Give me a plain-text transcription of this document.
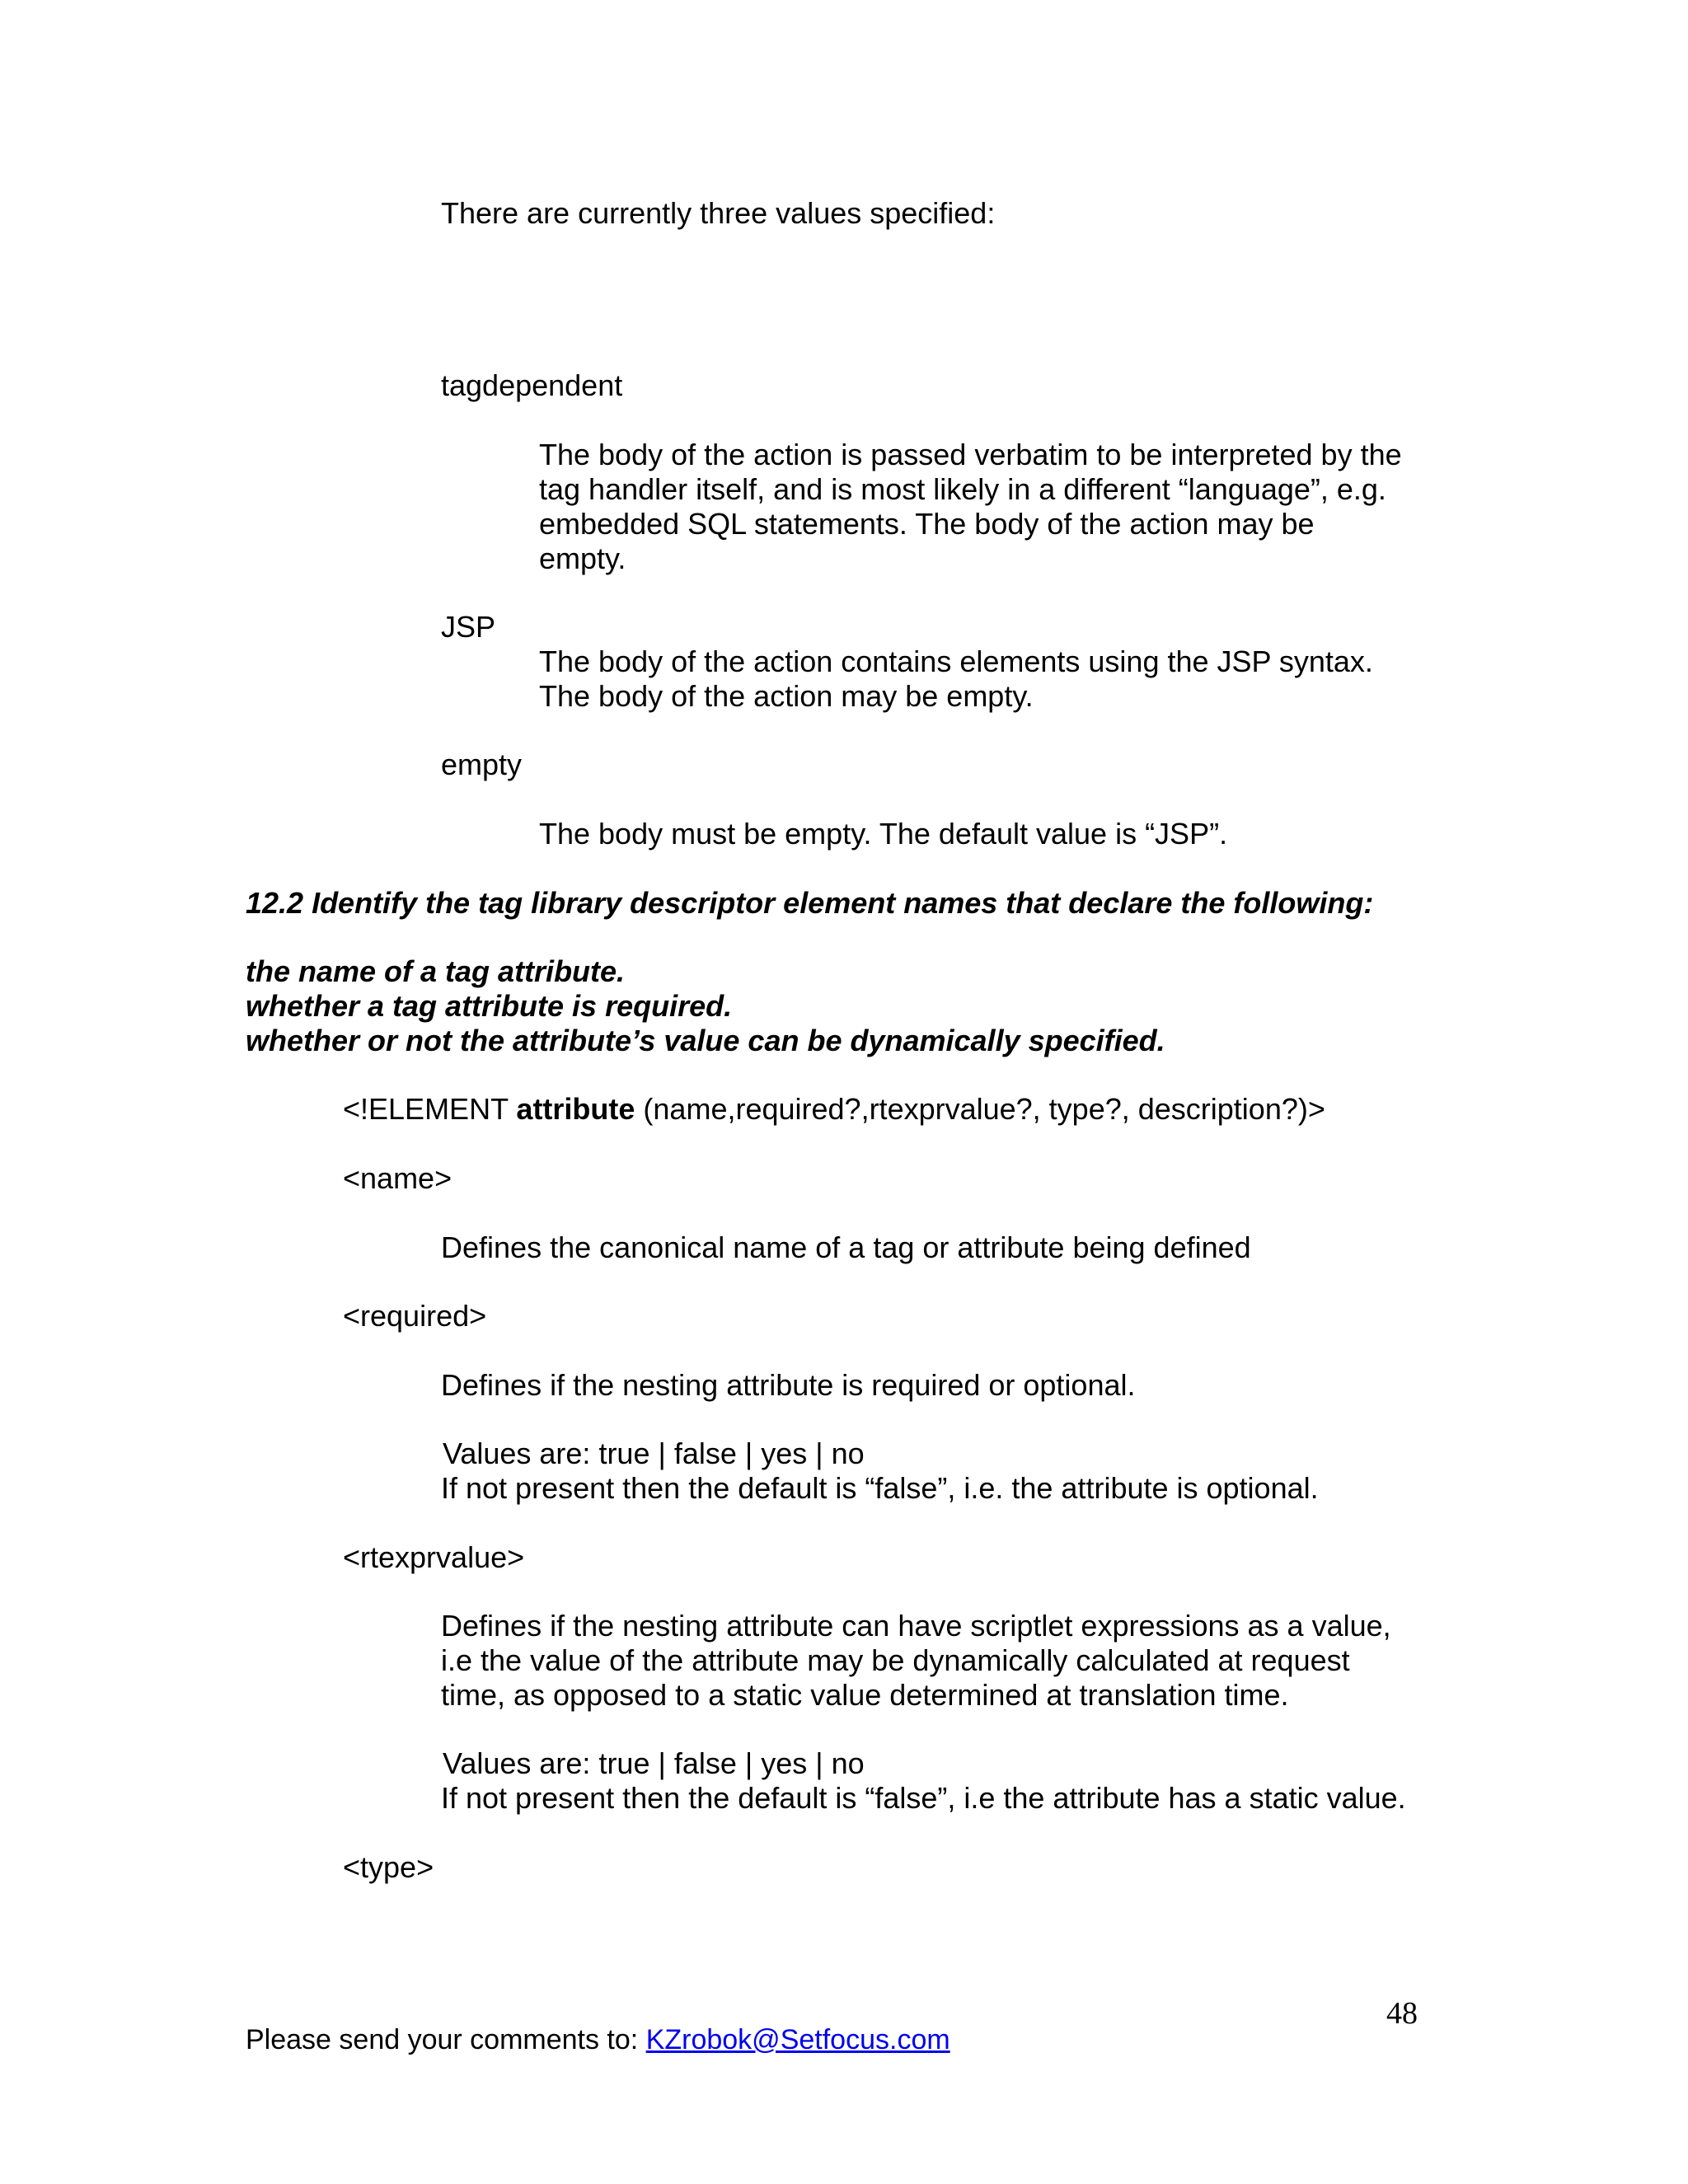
There are currently three values specified:
tagdependent
The body of the action is passed verbatim to be interpreted by the
tag handler itself, and is most likely in a different “language”, e.g.
embedded SQL statements. The body of the action may be
empty.
JSP
The body of the action contains elements using the JSP syntax.
The body of the action may be empty.
empty
The body must be empty. The default value is “JSP”.
12.2 Identify the tag library descriptor element names that declare the following:
the name of a tag attribute.
whether a tag attribute is required.
whether or not the attribute’s value can be dynamically specified.
<!ELEMENT attribute (name,required?,rtexprvalue?, type?, description?)>
<name>
Defines the canonical name of a tag or attribute being defined
<required>
Defines if the nesting attribute is required or optional.
Values are: true | false | yes | no
If not present then the default is “false”, i.e. the attribute is optional.
<rtexprvalue>
Defines if the nesting attribute can have scriptlet expressions as a value,
i.e the value of the attribute may be dynamically calculated at request
time, as opposed to a static value determined at translation time.
Values are: true | false | yes | no
If not present then the default is “false”, i.e the attribute has a static value.
<type>
48
Please send your comments to: KZrobok@Setfocus.com
